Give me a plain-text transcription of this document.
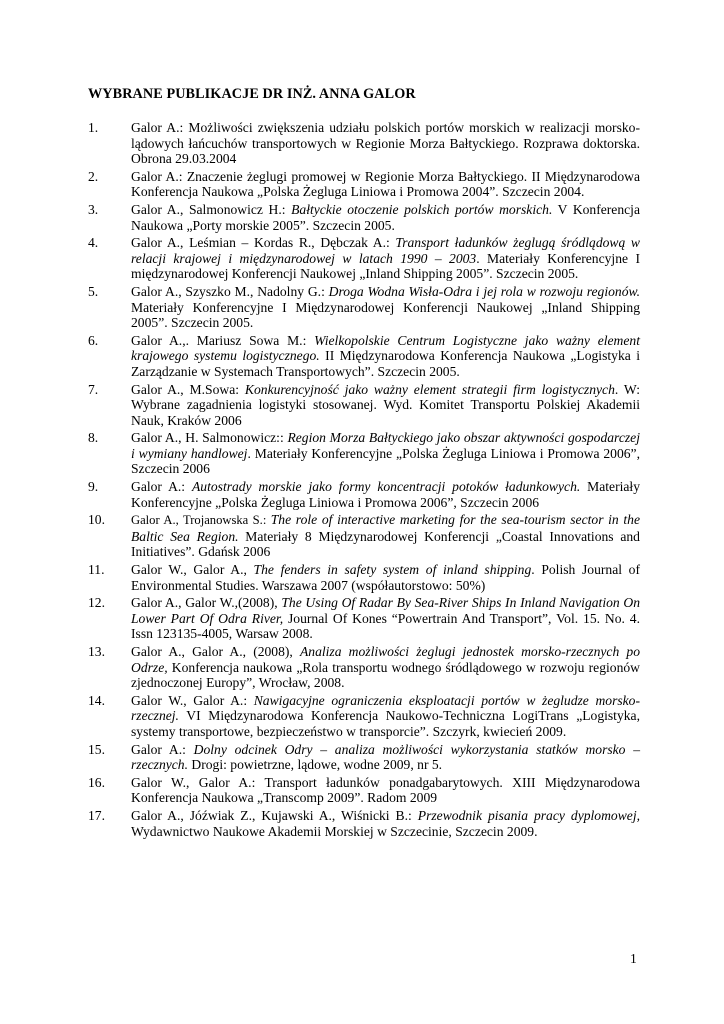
WYBRANE PUBLIKACJE DR INŻ. ANNA GALOR
1.	Galor A.: Możliwości zwiększenia udziału polskich portów morskich w realizacji morsko-lądowych łańcuchów transportowych w Regionie Morza Bałtyckiego. Rozprawa doktorska. Obrona 29.03.2004
2.	Galor A.: Znaczenie żeglugi promowej w Regionie Morza Bałtyckiego. II Międzynarodowa Konferencja Naukowa „Polska Żegluga Liniowa i Promowa 2004”. Szczecin 2004.
3.	Galor A., Salmonowicz H.: Bałtyckie otoczenie polskich portów morskich. V Konferencja Naukowa „Porty morskie 2005”. Szczecin 2005.
4.	Galor A., Leśmian – Kordas R., Dębczak A.: Transport ładunków żeglugą śródlądową w relacji krajowej i międzynarodowej w latach 1990 – 2003. Materiały Konferencyjne I międzynarodowej Konferencji Naukowej „Inland Shipping 2005”. Szczecin 2005.
5.	Galor A., Szyszko M., Nadolny G.: Droga Wodna Wisła-Odra i jej rola w rozwoju regionów. Materiały Konferencyjne I Międzynarodowej Konferencji Naukowej „Inland Shipping 2005”. Szczecin 2005.
6.	Galor A.,. Mariusz Sowa M.: Wielkopolskie Centrum Logistyczne jako ważny element krajowego systemu logistycznego. II Międzynarodowa Konferencja Naukowa „Logistyka i Zarządzanie w Systemach Transportowych”. Szczecin 2005.
7.	Galor A., M.Sowa: Konkurencyjność jako ważny element strategii firm logistycznych. W: Wybrane zagadnienia logistyki stosowanej. Wyd. Komitet Transportu Polskiej Akademii Nauk, Kraków 2006
8.	Galor A., H. Salmonowicz:: Region Morza Bałtyckiego jako obszar aktywności gospodarczej i wymiany handlowej. Materiały Konferencyjne „Polska Żegluga Liniowa i Promowa 2006”, Szczecin 2006
9.	Galor A.: Autostrady morskie jako formy koncentracji potoków ładunkowych. Materiały Konferencyjne „Polska Żegluga Liniowa i Promowa 2006”, Szczecin 2006
10.	Galor A., Trojanowska S.: The role of interactive marketing for the sea-tourism sector in the Baltic Sea Region. Materiały 8 Międzynarodowej Konferencji „Coastal Innovations and Initiatives”. Gdańsk 2006
11.	Galor W., Galor A., The fenders in safety system of inland shipping. Polish Journal of Environmental Studies. Warszawa 2007 (współautorstowo: 50%)
12.	Galor A., Galor W.,(2008), The Using Of Radar By Sea-River Ships In Inland Navigation On Lower Part Of Odra River, Journal Of Kones “Powertrain And Transport”, Vol. 15. No. 4. Issn 123135-4005, Warsaw 2008.
13.	Galor A., Galor A., (2008), Analiza możliwości żeglugi jednostek morsko-rzecznych po Odrze, Konferencja naukowa „Rola transportu wodnego śródlądowego w rozwoju regionów zjednoczonej Europy”, Wrocław, 2008.
14.	Galor W., Galor A.: Nawigacyjne ograniczenia eksploatacji portów w żegludze morsko-rzecznej. VI Międzynarodowa Konferencja Naukowo-Techniczna LogiTrans „Logistyka, systemy transportowe, bezpieczeństwo w transporcie”. Szczyrk, kwiecień 2009.
15.	Galor A.: Dolny odcinek Odry – analiza możliwości wykorzystania statków morsko – rzecznych. Drogi: powietrzne, lądowe, wodne 2009, nr 5.
16.	Galor W., Galor A.: Transport ładunków ponadgabarytowych. XIII Międzynarodowa Konferencja Naukowa „Transcomp 2009”. Radom 2009
17.	Galor A., Jóźwiak Z., Kujawski A., Wiśnicki B.: Przewodnik pisania pracy dyplomowej, Wydawnictwo Naukowe Akademii Morskiej w Szczecinie, Szczecin 2009.
1
